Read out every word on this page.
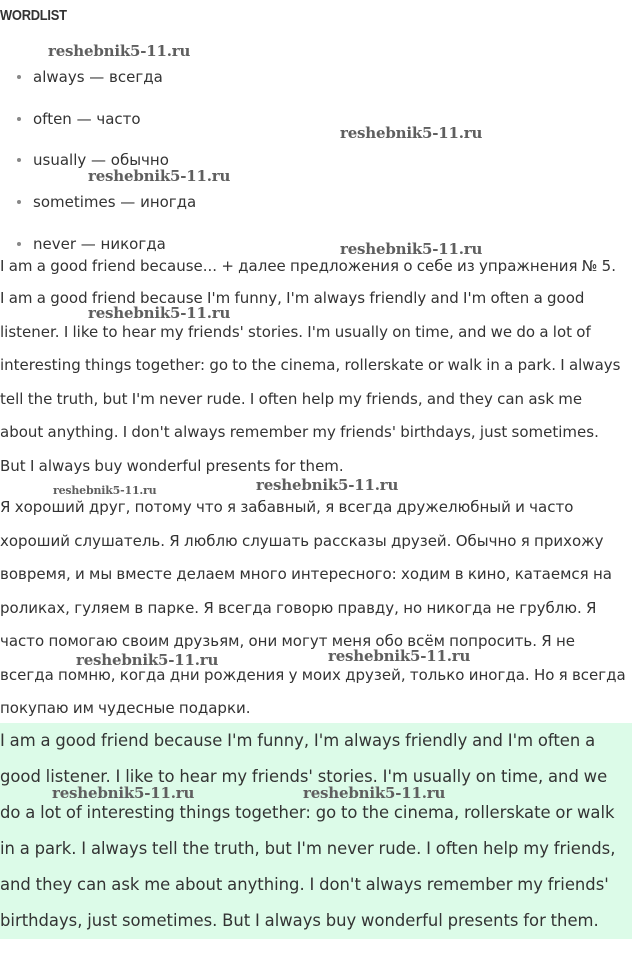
WORDLIST
always — всегда
often — часто
usually — обычно
sometimes — иногда
never — никогда

I am a good friend because... + далее предложения о себе из упражнения № 5.

I am a good friend because I'm funny, I'm always friendly and I'm often a good listener. I like to hear my friends' stories. I'm usually on time, and we do a lot of interesting things together: go to the cinema, rollerskate or walk in a park. I always tell the truth, but I'm never rude. I often help my friends, and they can ask me about anything. I don't always remember my friends' birthdays, just sometimes. But I always buy wonderful presents for them.

Я хороший друг, потому что я забавный, я всегда дружелюбный и часто хороший слушатель. Я люблю слушать рассказы друзей. Обычно я прихожу вовремя, и мы вместе делаем много интересного: ходим в кино, катаемся на роликах, гуляем в парке. Я всегда говорю правду, но никогда не грублю. Я часто помогаю своим друзьям, они могут меня обо всём попросить. Я не всегда помню, когда дни рождения у моих друзей, только иногда. Но я всегда покупаю им чудесные подарки.

I am a good friend because I'm funny, I'm always friendly and I'm often a good listener. I like to hear my friends' stories. I'm usually on time, and we do a lot of interesting things together: go to the cinema, rollerskate or walk in a park. I always tell the truth, but I'm never rude. I often help my friends, and they can ask me about anything. I don't always remember my friends' birthdays, just sometimes. But I always buy wonderful presents for them.

reshebnik5-11.ru
reshebnik5-11.ru
reshebnik5-11.ru
reshebnik5-11.ru
reshebnik5-11.ru
reshebnik5-11.ru	reshebnik5-11.ru
reshebnik5-11.ru	reshebnik5-11.ru
reshebnik5-11.ru	reshebnik5-11.ru
